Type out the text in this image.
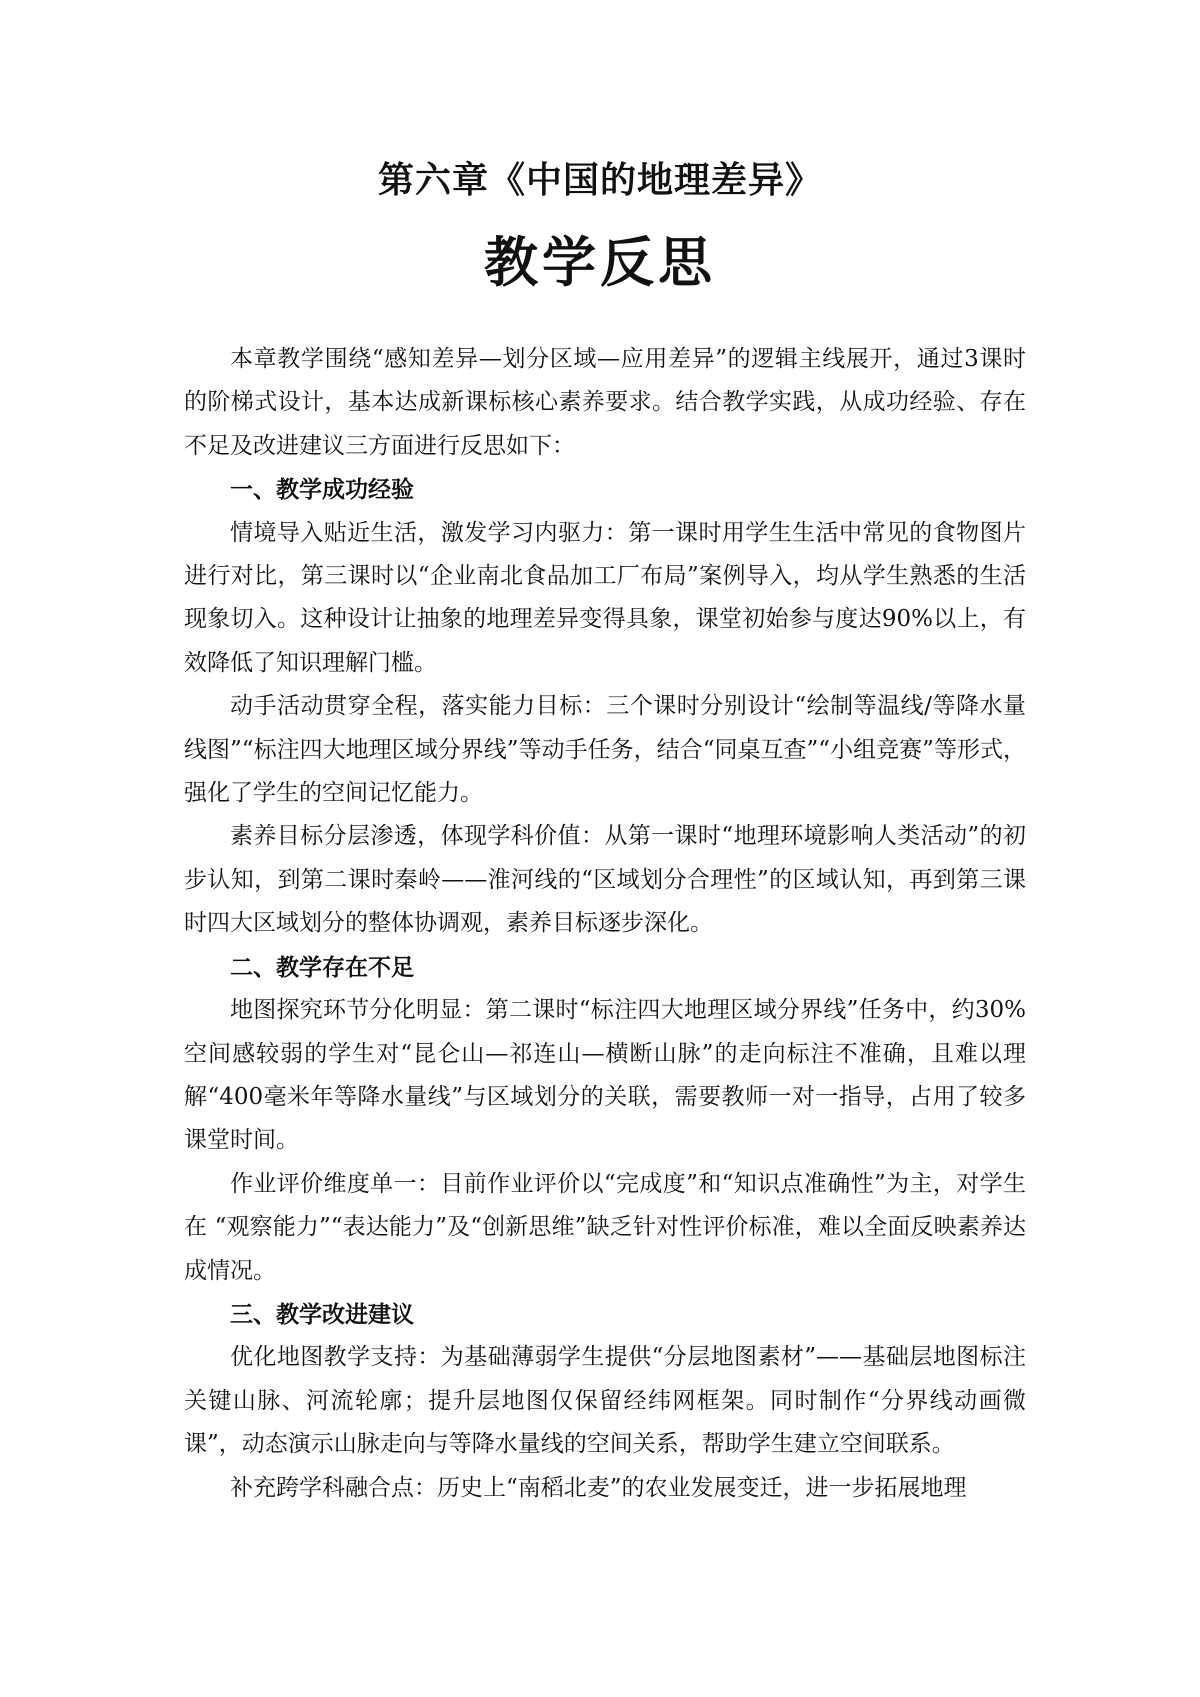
第六章《中国的地理差异》
教学反思

本章教学围绕“感知差异—划分区域—应用差异”的逻辑主线展开，通过3课时的阶梯式设计，基本达成新课标核心素养要求。结合教学实践，从成功经验、存在不足及改进建议三方面进行反思如下：

一、教学成功经验

情境导入贴近生活，激发学习内驱力：第一课时用学生生活中常见的食物图片进行对比，第三课时以“企业南北食品加工厂布局”案例导入，均从学生熟悉的生活现象切入。这种设计让抽象的地理差异变得具象，课堂初始参与度达90%以上，有效降低了知识理解门槛。

动手活动贯穿全程，落实能力目标：三个课时分别设计“绘制等温线/等降水量线图”“标注四大地理区域分界线”等动手任务，结合“同桌互查”“小组竞赛”等形式，强化了学生的空间记忆能力。

素养目标分层渗透，体现学科价值：从第一课时“地理环境影响人类活动”的初步认知，到第二课时秦岭——淮河线的“区域划分合理性”的区域认知，再到第三课时四大区域划分的整体协调观，素养目标逐步深化。

二、教学存在不足

地图探究环节分化明显：第二课时“标注四大地理区域分界线”任务中，约30%空间感较弱的学生对“昆仑山—祁连山—横断山脉”的走向标注不准确，且难以理解“400毫米年等降水量线”与区域划分的关联，需要教师一对一指导，占用了较多课堂时间。

作业评价维度单一：目前作业评价以“完成度”和“知识点准确性”为主，对学生在 “观察能力”“表达能力”及“创新思维”缺乏针对性评价标准，难以全面反映素养达成情况。

三、教学改进建议

优化地图教学支持：为基础薄弱学生提供“分层地图素材”——基础层地图标注关键山脉、河流轮廓；提升层地图仅保留经纬网框架。同时制作“分界线动画微课”，动态演示山脉走向与等降水量线的空间关系，帮助学生建立空间联系。

补充跨学科融合点：历史上“南稻北麦”的农业发展变迁，进一步拓展地理
